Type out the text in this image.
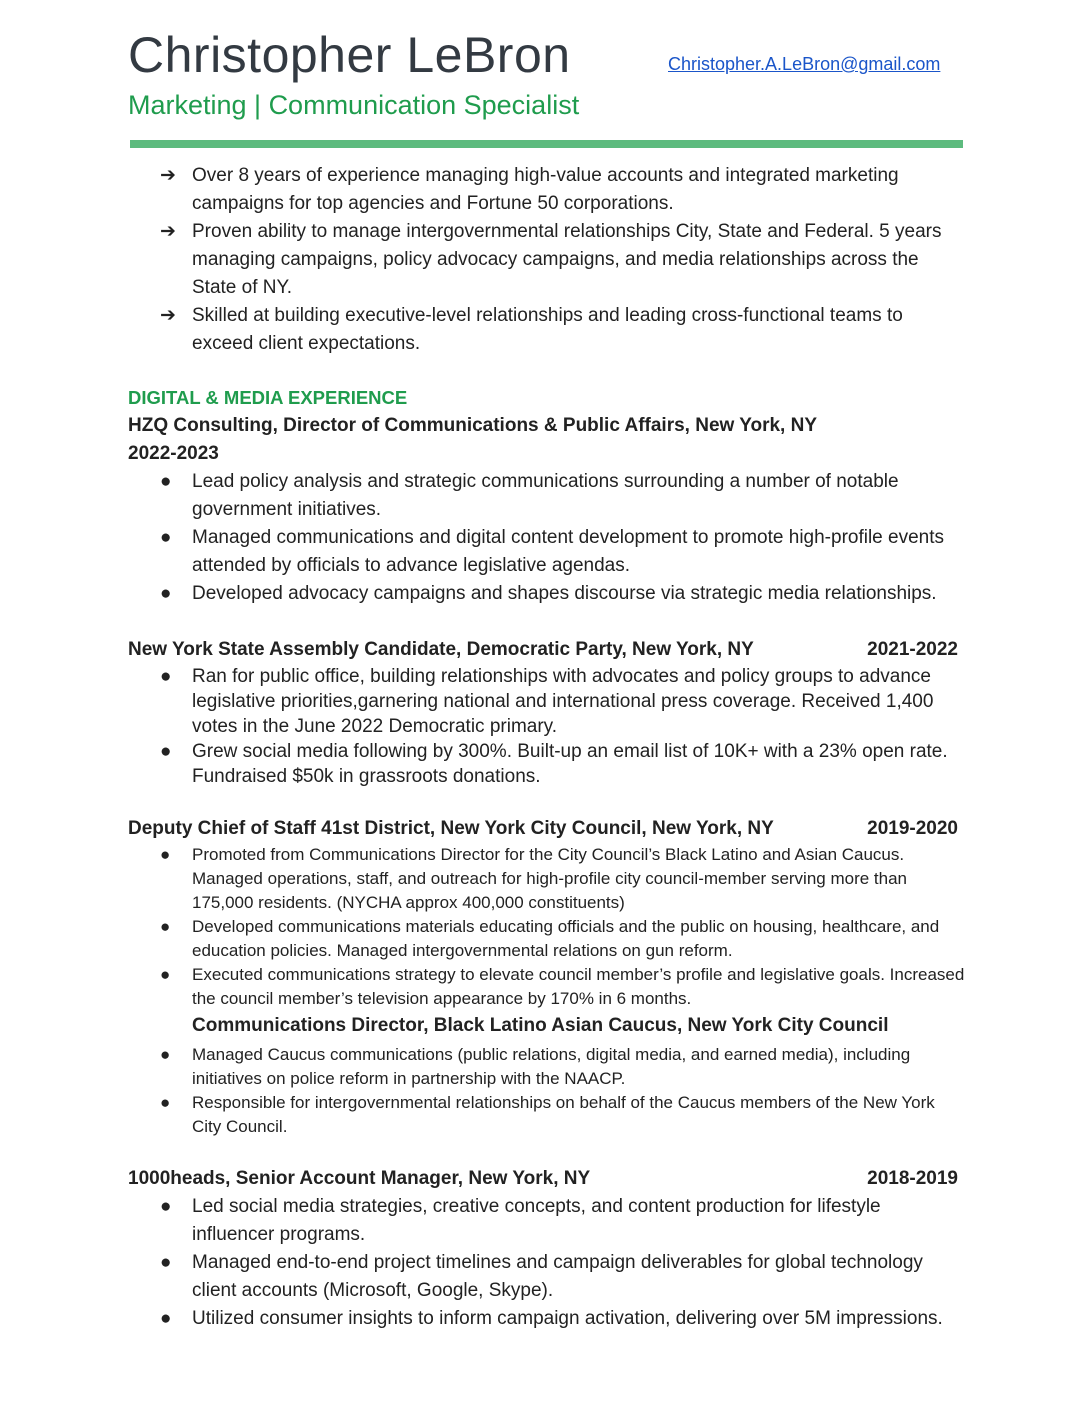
Christopher LeBron	Christopher.A.LeBron@gmail.com
Marketing | Communication Specialist
➔ Over 8 years of experience managing high-value accounts and integrated marketing campaigns for top agencies and Fortune 50 corporations.
➔ Proven ability to manage intergovernmental relationships City, State and Federal. 5 years managing campaigns, policy advocacy campaigns, and media relationships across the State of NY.
➔ Skilled at building executive-level relationships and leading cross-functional teams to exceed client expectations.
DIGITAL & MEDIA EXPERIENCE
HZQ Consulting, Director of Communications & Public Affairs, New York, NY
2022-2023
● Lead policy analysis and strategic communications surrounding a number of notable government initiatives.
● Managed communications and digital content development to promote high-profile events attended by officials to advance legislative agendas.
● Developed advocacy campaigns and shapes discourse via strategic media relationships.
New York State Assembly Candidate, Democratic Party, New York, NY	2021-2022
● Ran for public office, building relationships with advocates and policy groups to advance legislative priorities,garnering national and international press coverage. Received 1,400 votes in the June 2022 Democratic primary.
● Grew social media following by 300%. Built-up an email list of 10K+ with a 23% open rate. Fundraised $50k in grassroots donations.
Deputy Chief of Staff 41st District, New York City Council, New York, NY	2019-2020
● Promoted from Communications Director for the City Council’s Black Latino and Asian Caucus. Managed operations, staff, and outreach for high-profile city council-member serving more than 175,000 residents. (NYCHA approx 400,000 constituents)
● Developed communications materials educating officials and the public on housing, healthcare, and education policies. Managed intergovernmental relations on gun reform.
● Executed communications strategy to elevate council member’s profile and legislative goals. Increased the council member’s television appearance by 170% in 6 months.
Communications Director, Black Latino Asian Caucus, New York City Council
● Managed Caucus communications (public relations, digital media, and earned media), including initiatives on police reform in partnership with the NAACP.
● Responsible for intergovernmental relationships on behalf of the Caucus members of the New York City Council.
1000heads, Senior Account Manager, New York, NY	2018-2019
● Led social media strategies, creative concepts, and content production for lifestyle influencer programs.
● Managed end-to-end project timelines and campaign deliverables for global technology client accounts (Microsoft, Google, Skype).
● Utilized consumer insights to inform campaign activation, delivering over 5M impressions.
